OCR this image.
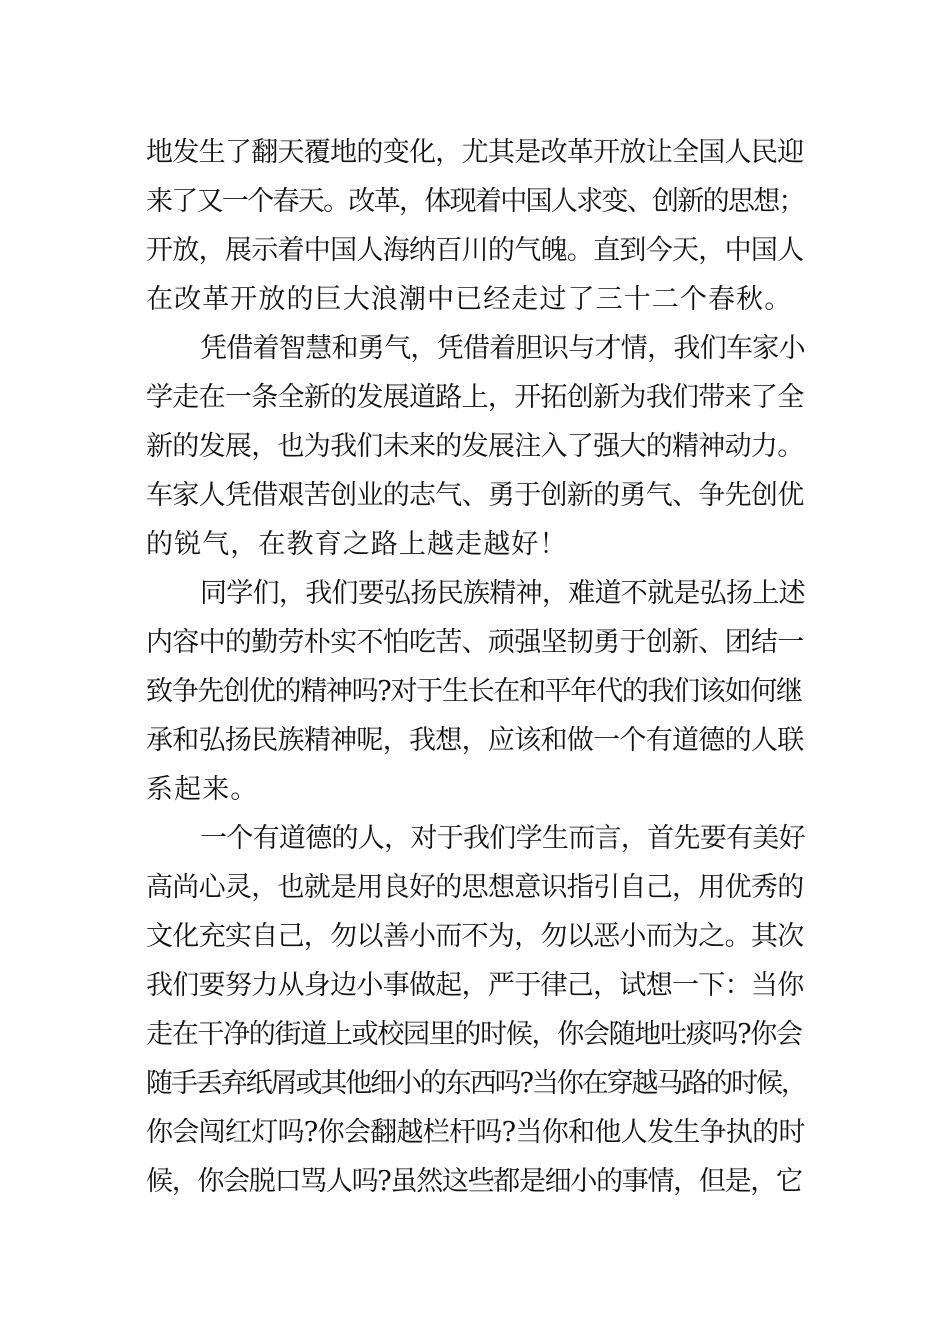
地发生了翻天覆地的变化，尤其是改革开放让全国人民迎
来了又一个春天。改革，体现着中国人求变、创新的思想；
开放，展示着中国人海纳百川的气魄。直到今天，中国人
在改革开放的巨大浪潮中已经走过了三十二个春秋。
凭借着智慧和勇气，凭借着胆识与才情，我们车家小
学走在一条全新的发展道路上，开拓创新为我们带来了全
新的发展，也为我们未来的发展注入了强大的精神动力。
车家人凭借艰苦创业的志气、勇于创新的勇气、争先创优
的锐气，在教育之路上越走越好！
同学们，我们要弘扬民族精神，难道不就是弘扬上述
内容中的勤劳朴实不怕吃苦、顽强坚韧勇于创新、团结一
致争先创优的精神吗?对于生长在和平年代的我们该如何继
承和弘扬民族精神呢，我想，应该和做一个有道德的人联
系起来。
一个有道德的人，对于我们学生而言，首先要有美好
高尚心灵，也就是用良好的思想意识指引自己，用优秀的
文化充实自己，勿以善小而不为，勿以恶小而为之。其次
我们要努力从身边小事做起，严于律己，试想一下：当你
走在干净的街道上或校园里的时候，你会随地吐痰吗?你会
随手丢弃纸屑或其他细小的东西吗?当你在穿越马路的时候，
你会闯红灯吗?你会翻越栏杆吗?当你和他人发生争执的时
候，你会脱口骂人吗?虽然这些都是细小的事情，但是，它
